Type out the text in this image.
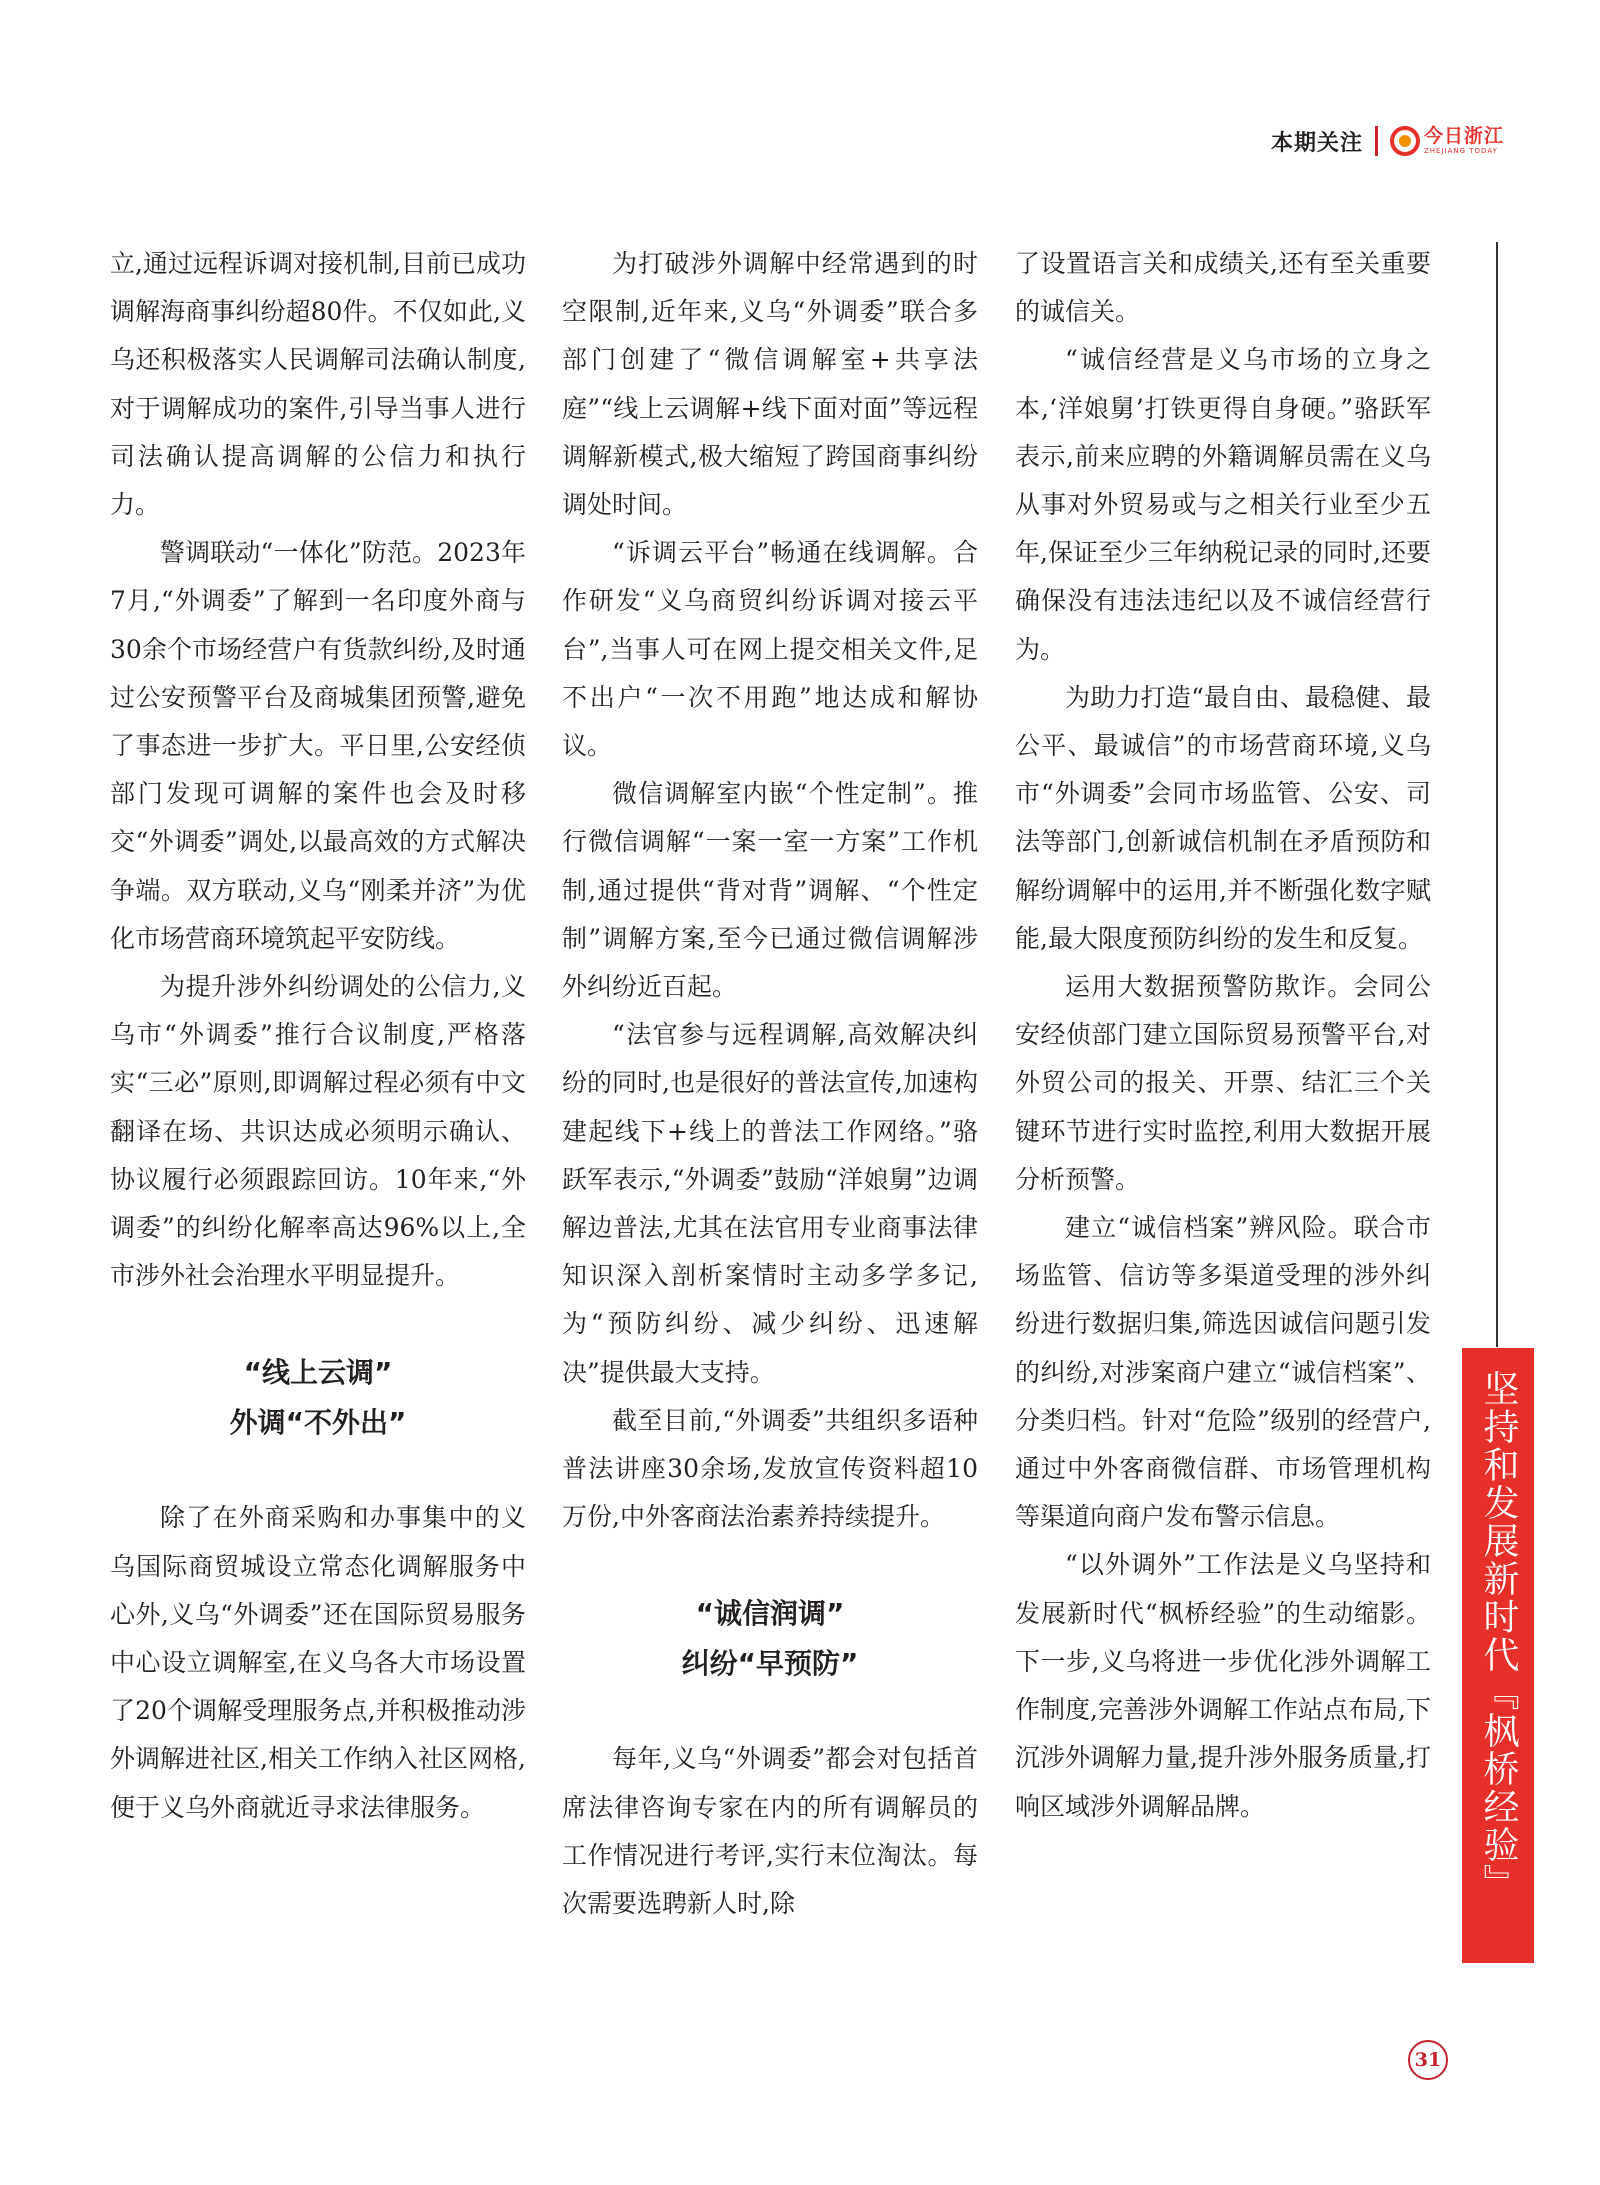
本期关注	今日浙江
ZHEJIANG TODAY

立,通过远程诉调对接机制,目前已成功调解海商事纠纷超80件。不仅如此,义乌还积极落实人民调解司法确认制度,对于调解成功的案件,引导当事人进行司法确认提高调解的公信力和执行力。

警调联动“一体化”防范。2023年7月,“外调委”了解到一名印度外商与30余个市场经营户有货款纠纷,及时通过公安预警平台及商城集团预警,避免了事态进一步扩大。平日里,公安经侦部门发现可调解的案件也会及时移交“外调委”调处,以最高效的方式解决争端。双方联动,义乌“刚柔并济”为优化市场营商环境筑起平安防线。

为提升涉外纠纷调处的公信力,义乌市“外调委”推行合议制度,严格落实“三必”原则,即调解过程必须有中文翻译在场、共识达成必须明示确认、协议履行必须跟踪回访。10年来,“外调委”的纠纷化解率高达96%以上,全市涉外社会治理水平明显提升。

“线上云调”
外调“不外出”

除了在外商采购和办事集中的义乌国际商贸城设立常态化调解服务中心外,义乌“外调委”还在国际贸易服务中心设立调解室,在义乌各大市场设置了20个调解受理服务点,并积极推动涉外调解进社区,相关工作纳入社区网格,便于义乌外商就近寻求法律服务。

为打破涉外调解中经常遇到的时空限制,近年来,义乌“外调委”联合多部门创建了“微信调解室+共享法庭”“线上云调解+线下面对面”等远程调解新模式,极大缩短了跨国商事纠纷调处时间。

“诉调云平台”畅通在线调解。合作研发“义乌商贸纠纷诉调对接云平台”,当事人可在网上提交相关文件,足不出户“一次不用跑”地达成和解协议。

微信调解室内嵌“个性定制”。推行微信调解“一案一室一方案”工作机制,通过提供“背对背”调解、“个性定制”调解方案,至今已通过微信调解涉外纠纷近百起。

“法官参与远程调解,高效解决纠纷的同时,也是很好的普法宣传,加速构建起线下+线上的普法工作网络。”骆跃军表示,“外调委”鼓励“洋娘舅”边调解边普法,尤其在法官用专业商事法律知识深入剖析案情时主动多学多记,为“预防纠纷、减少纠纷、迅速解决”提供最大支持。

截至目前,“外调委”共组织多语种普法讲座30余场,发放宣传资料超10万份,中外客商法治素养持续提升。

“诚信润调”
纠纷“早预防”

每年,义乌“外调委”都会对包括首席法律咨询专家在内的所有调解员的工作情况进行考评,实行末位淘汰。每次需要选聘新人时,除

了设置语言关和成绩关,还有至关重要的诚信关。

“诚信经营是义乌市场的立身之本,‘洋娘舅’打铁更得自身硬。”骆跃军表示,前来应聘的外籍调解员需在义乌从事对外贸易或与之相关行业至少五年,保证至少三年纳税记录的同时,还要确保没有违法违纪以及不诚信经营行为。

为助力打造“最自由、最稳健、最公平、最诚信”的市场营商环境,义乌市“外调委”会同市场监管、公安、司法等部门,创新诚信机制在矛盾预防和解纷调解中的运用,并不断强化数字赋能,最大限度预防纠纷的发生和反复。

运用大数据预警防欺诈。会同公安经侦部门建立国际贸易预警平台,对外贸公司的报关、开票、结汇三个关键环节进行实时监控,利用大数据开展分析预警。

建立“诚信档案”辨风险。联合市场监管、信访等多渠道受理的涉外纠纷进行数据归集,筛选因诚信问题引发的纠纷,对涉案商户建立“诚信档案”、分类归档。针对“危险”级别的经营户,通过中外客商微信群、市场管理机构等渠道向商户发布警示信息。

“以外调外”工作法是义乌坚持和发展新时代“枫桥经验”的生动缩影。下一步,义乌将进一步优化涉外调解工作制度,完善涉外调解工作站点布局,下沉涉外调解力量,提升涉外服务质量,打响区域涉外调解品牌。	坚持和发展新时代『枫桥经验』
31
